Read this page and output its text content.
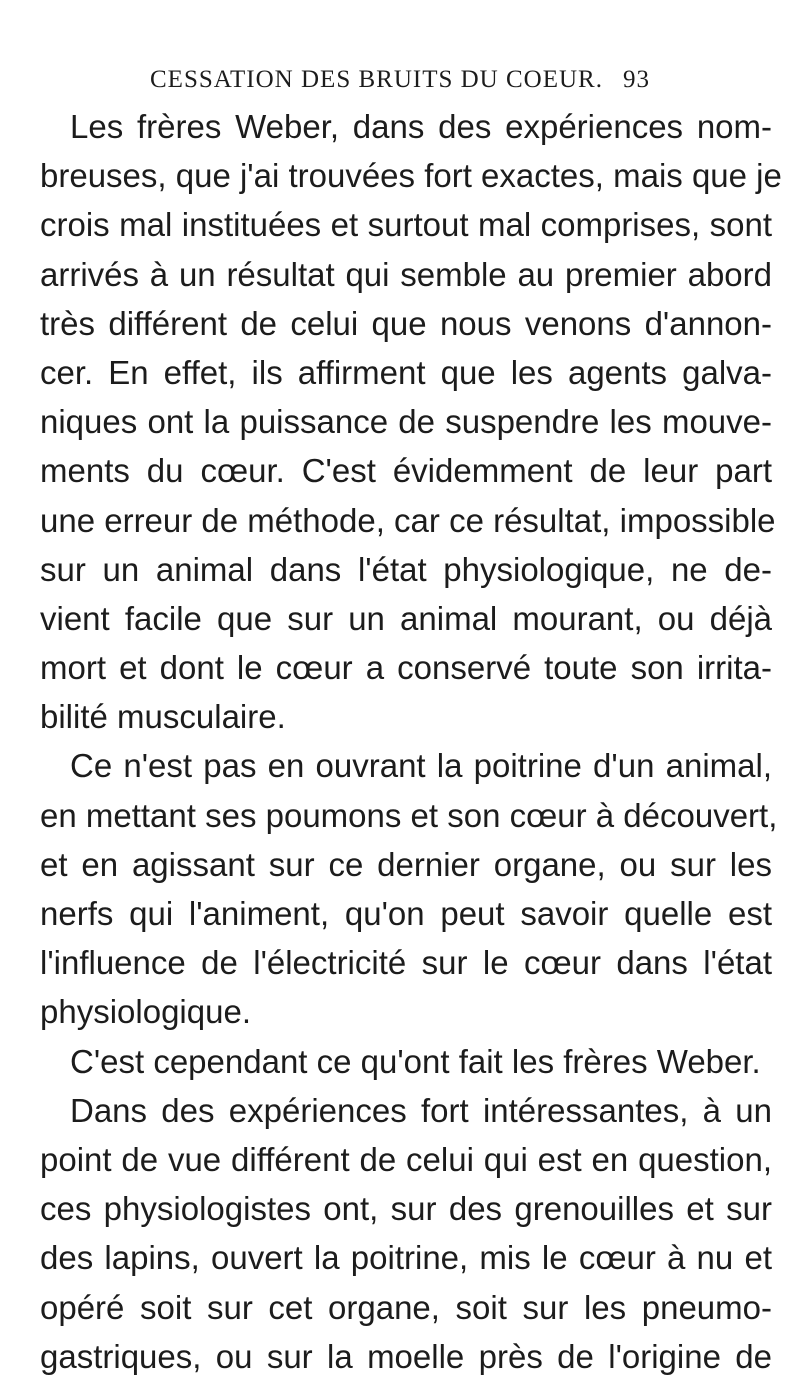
CESSATION DES BRUITS DU COEUR. 93
Les frères Weber, dans des expériences nom-
breuses, que j'ai trouvées fort exactes, mais que je
crois mal instituées et surtout mal comprises, sont
arrivés à un résultat qui semble au premier abord
très différent de celui que nous venons d'annon-
cer. En effet, ils affirment que les agents galva-
niques ont la puissance de suspendre les mouve-
ments du cœur. C'est évidemment de leur part
une erreur de méthode, car ce résultat, impossible
sur un animal dans l'état physiologique, ne de-
vient facile que sur un animal mourant, ou déjà
mort et dont le cœur a conservé toute son irrita-
bilité musculaire.
Ce n'est pas en ouvrant la poitrine d'un animal,
en mettant ses poumons et son cœur à découvert,
et en agissant sur ce dernier organe, ou sur les
nerfs qui l'animent, qu'on peut savoir quelle est
l'influence de l'électricité sur le cœur dans l'état
physiologique.
C'est cependant ce qu'ont fait les frères Weber.
Dans des expériences fort intéressantes, à un
point de vue différent de celui qui est en question,
ces physiologistes ont, sur des grenouilles et sur
des lapins, ouvert la poitrine, mis le cœur à nu et
opéré soit sur cet organe, soit sur les pneumo-
gastriques, ou sur la moelle près de l'origine de
